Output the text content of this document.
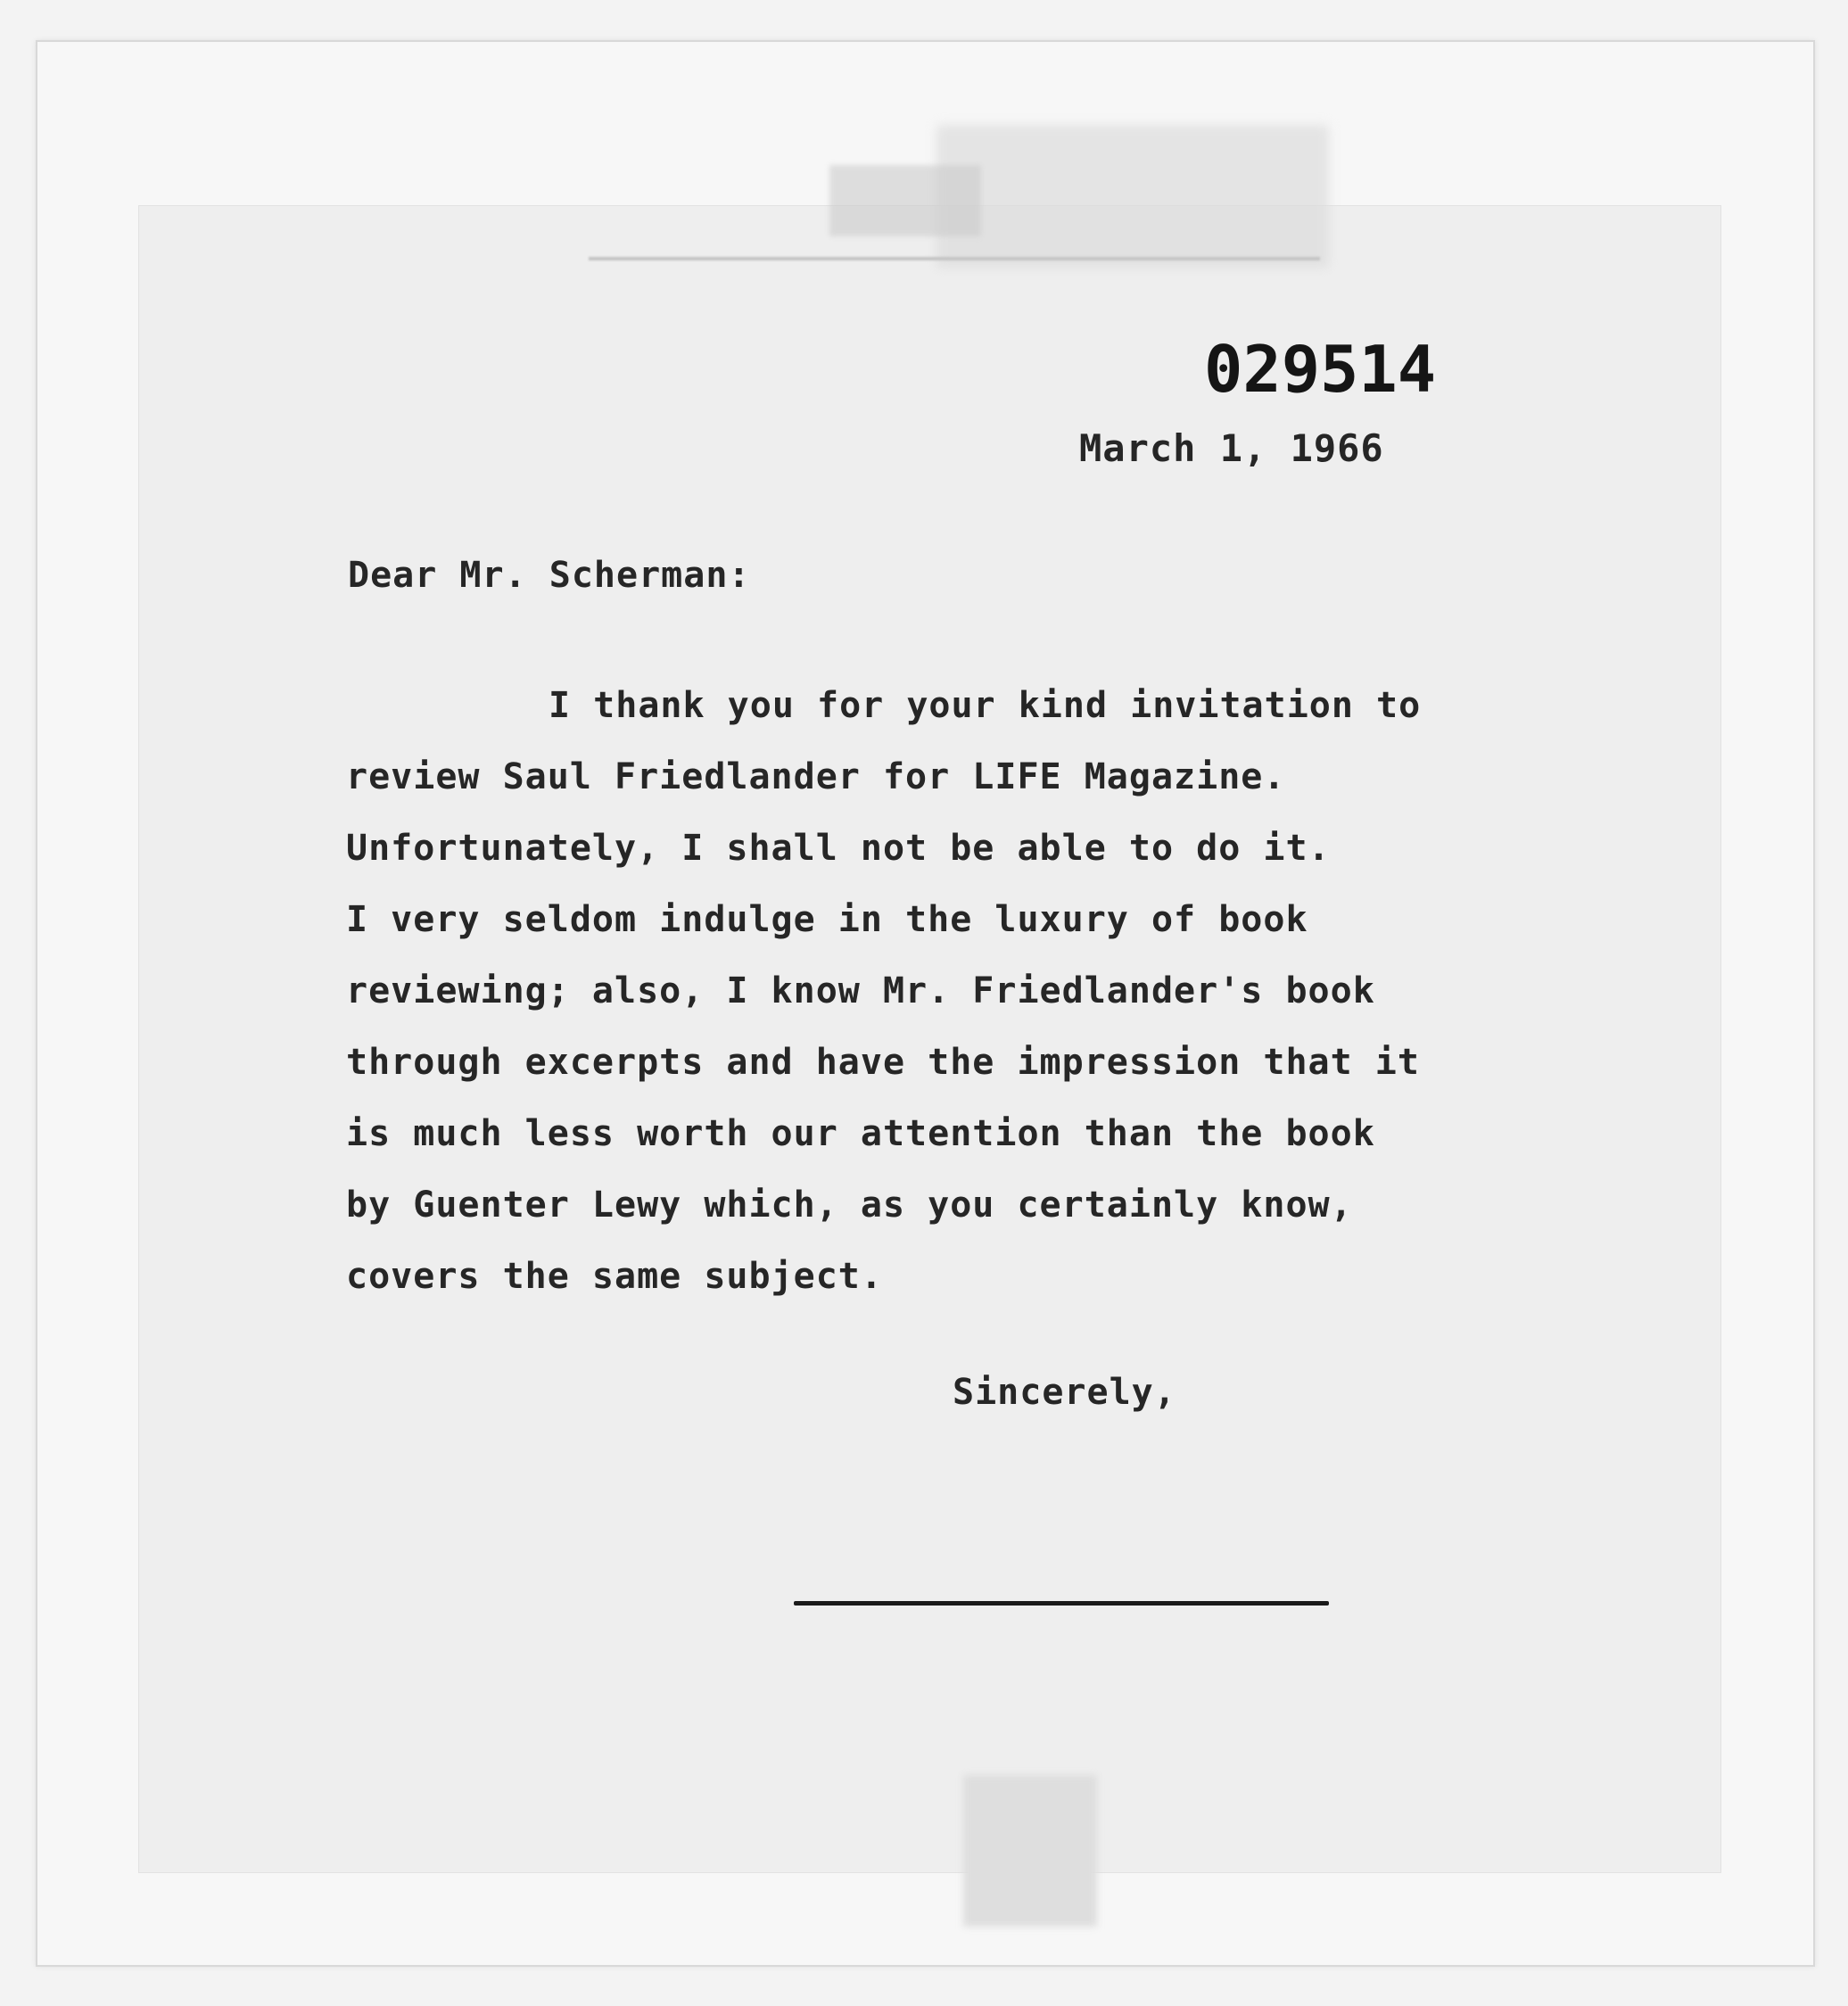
029514
March 1, 1966
Dear Mr. Scherman:
I thank you for your kind invitation to
review Saul Friedlander for LIFE Magazine.
Unfortunately, I shall not be able to do it.
I very seldom indulge in the luxury of book
reviewing; also, I know Mr. Friedlander's book
through excerpts and have the impression that it
is much less worth our attention than the book
by Guenter Lewy which, as you certainly know,
covers the same subject.
Sincerely,
